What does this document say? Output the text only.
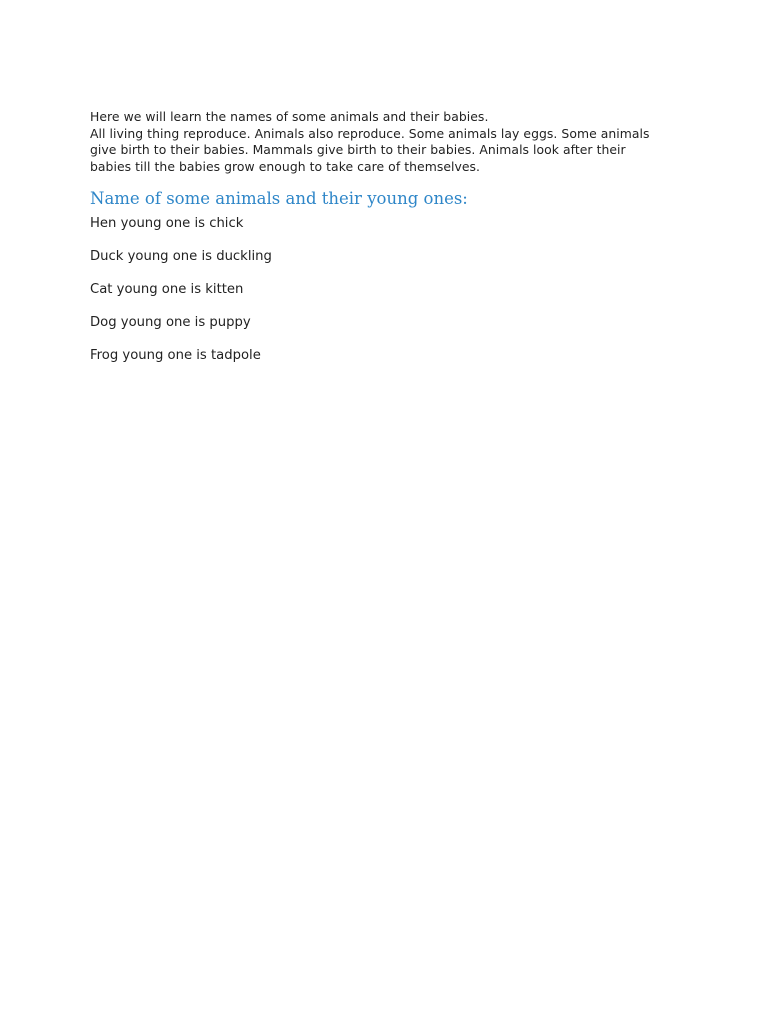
Here we will learn the names of some animals and their babies.

All living thing reproduce. Animals also reproduce. Some animals lay eggs. Some animals give birth to their babies. Mammals give birth to their babies. Animals look after their babies till the babies grow enough to take care of themselves.

Name of some animals and their young ones:
Hen young one is chick
Duck young one is duckling
Cat young one is kitten
Dog young one is puppy
Frog young one is tadpole
